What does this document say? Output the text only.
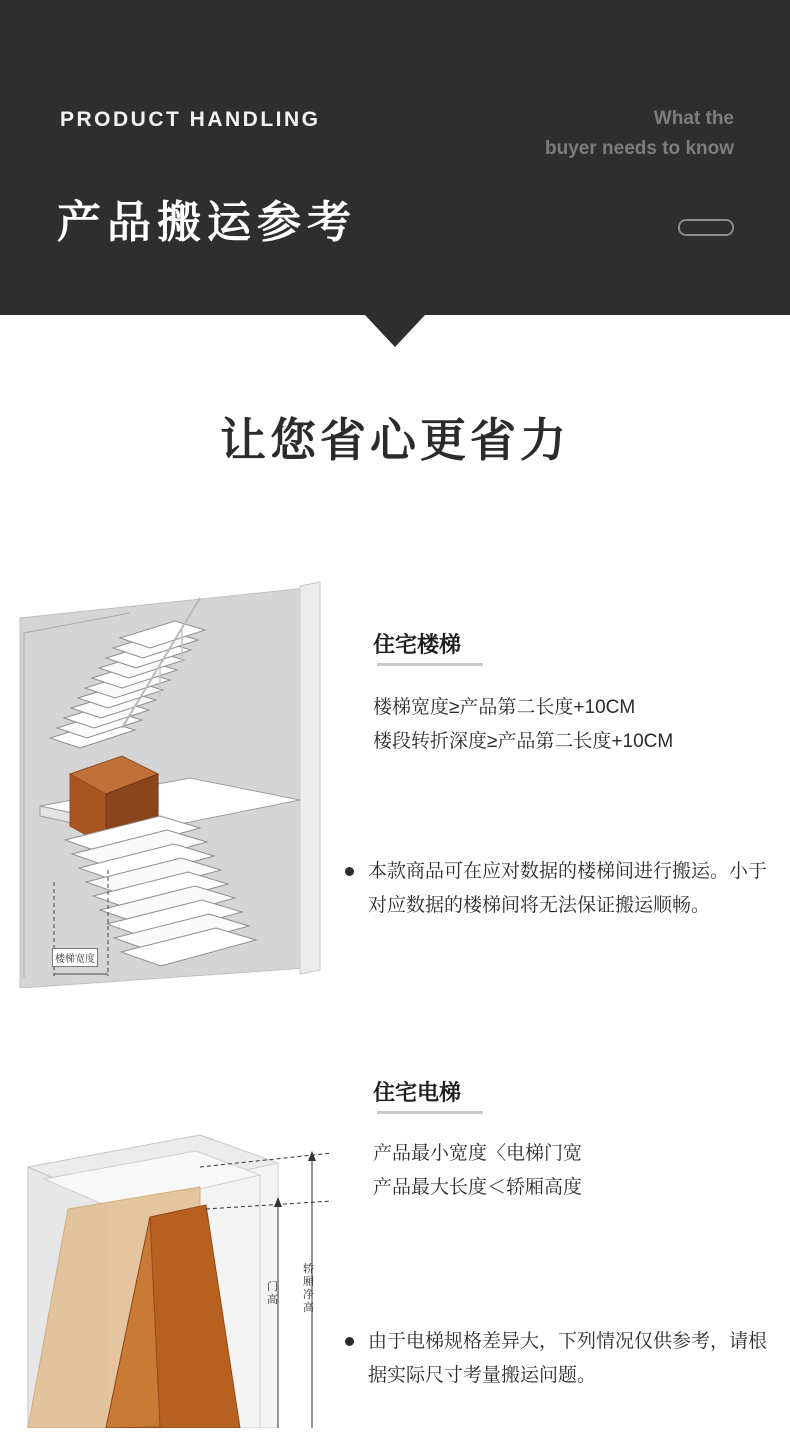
PRODUCT HANDLING
产品搬运参考
What the
buyer needs to know
让您省心更省力
楼梯宽度
住宅楼梯
楼梯宽度≥产品第二长度+10CM
楼段转折深度≥产品第二长度+10CM
本款商品可在应对数据的楼梯间进行搬运。小于对应数据的楼梯间将无法保证搬运顺畅。
门高
轿厢净高
住宅电梯
产品最小宽度〈电梯门宽
产品最大长度＜轿厢高度
由于电梯规格差异大，下列情况仅供参考，请根据实际尺寸考量搬运问题。
